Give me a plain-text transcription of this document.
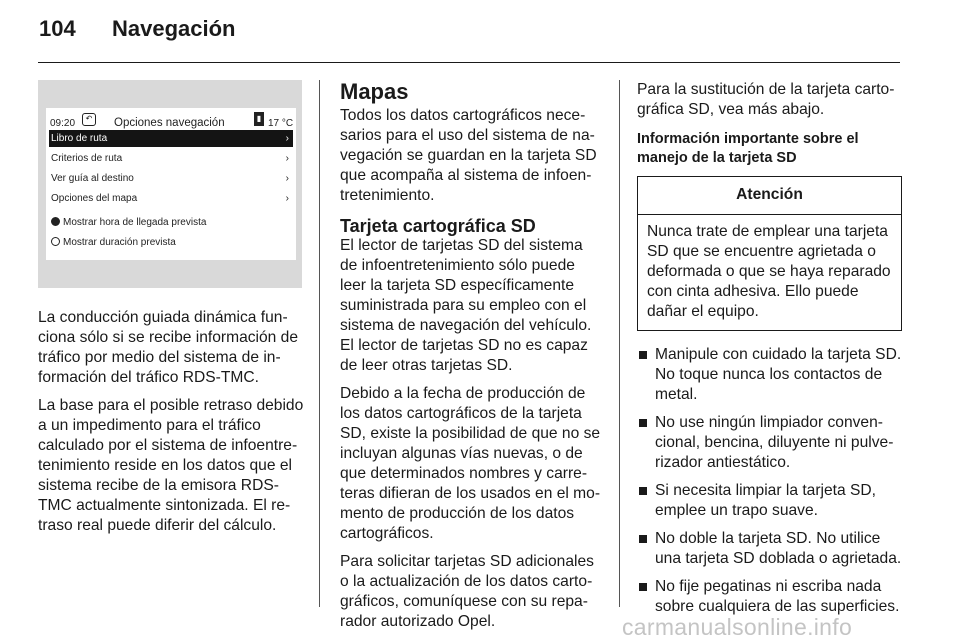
104 Navegación
09:20	↶	Opciones navegación	▮ 17 °C
Libro de ruta	›
Criterios de ruta	›
Ver guía al destino	›
Opciones del mapa	›
Mostrar hora de llegada prevista
Mostrar duración prevista

La conducción guiada dinámica funciona sólo si se recibe información de tráfico por medio del sistema de información del tráfico RDS-TMC.

La base para el posible retraso debido a un impedimento para el tráfico calculado por el sistema de infoentretenimiento reside en los datos que el sistema recibe de la emisora RDS-TMC actualmente sintonizada. El retraso real puede diferir del cálculo.

Mapas

Todos los datos cartográficos necesarios para el uso del sistema de navegación se guardan en la tarjeta SD que acompaña al sistema de infoentretenimiento.

Tarjeta cartográfica SD

El lector de tarjetas SD del sistema de infoentretenimiento sólo puede leer la tarjeta SD específicamente suministrada para su empleo con el sistema de navegación del vehículo. El lector de tarjetas SD no es capaz de leer otras tarjetas SD.

Debido a la fecha de producción de los datos cartográficos de la tarjeta SD, existe la posibilidad de que no se incluyan algunas vías nuevas, o de que determinados nombres y carreteras difieran de los usados en el momento de producción de los datos cartográficos.

Para solicitar tarjetas SD adicionales o la actualización de los datos cartográficos, comuníquese con su reparador autorizado Opel.

Para la sustitución de la tarjeta cartográfica SD, vea más abajo.

Información importante sobre el manejo de la tarjeta SD
Atención
Nunca trate de emplear una tarjeta SD que se encuentre agrietada o deformada o que se haya reparado con cinta adhesiva. Ello puede dañar el equipo.
Manipule con cuidado la tarjeta SD. No toque nunca los contactos de metal.
No use ningún limpiador convencional, bencina, diluyente ni pulverizador antiestático.
Si necesita limpiar la tarjeta SD, emplee un trapo suave.
No doble la tarjeta SD. No utilice una tarjeta SD doblada o agrietada.
No fije pegatinas ni escriba nada sobre cualquiera de las superficies.
carmanualsonline.info
